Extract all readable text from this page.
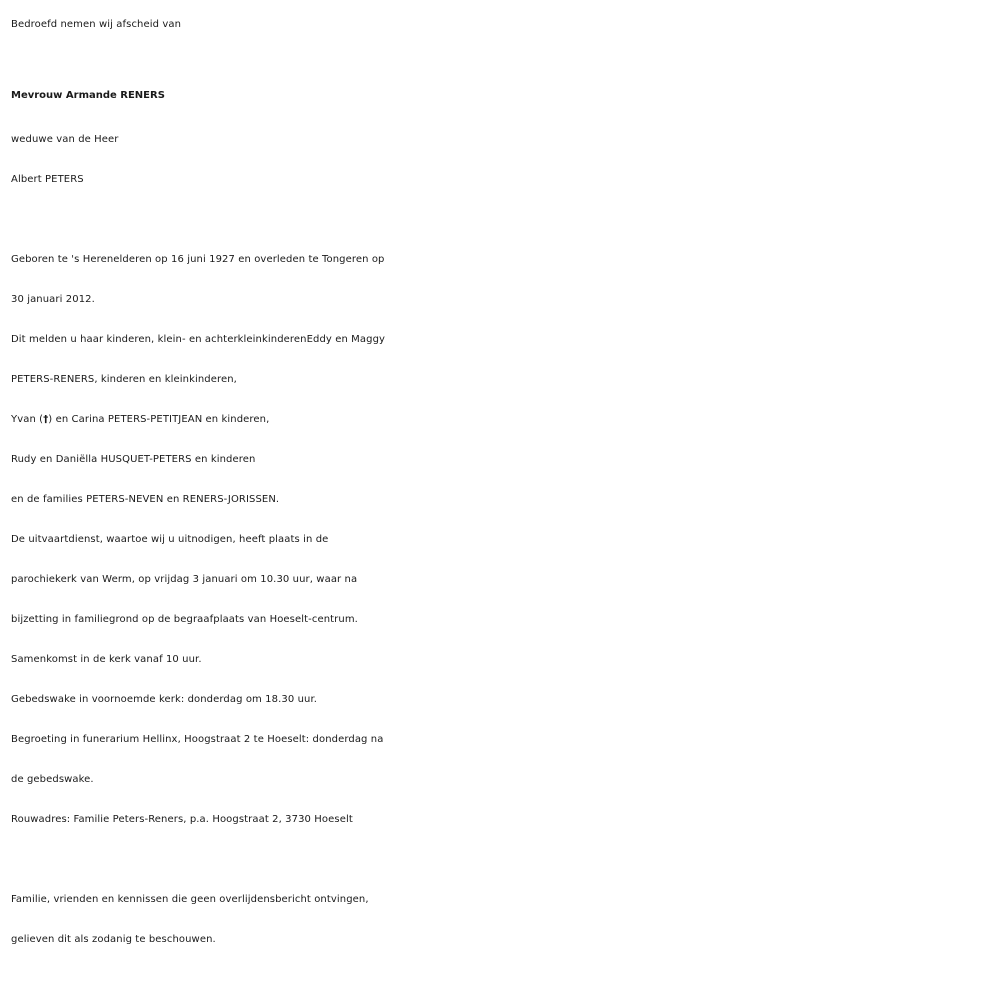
Bedroefd nemen wij afscheid van
Mevrouw Armande RENERS
weduwe van de Heer
Albert PETERS
Geboren te 's Herenelderen op 16 juni 1927 en overleden te Tongeren op
30 januari 2012.
Dit melden u haar kinderen, klein- en achterkleinkinderenEddy en Maggy
PETERS-RENERS, kinderen en kleinkinderen,
Yvan (†) en Carina PETERS-PETITJEAN en kinderen,
Rudy en Daniëlla HUSQUET-PETERS en kinderen
en de families PETERS-NEVEN en RENERS-JORISSEN.
De uitvaartdienst, waartoe wij u uitnodigen, heeft plaats in de
parochiekerk van Werm, op vrijdag 3 januari om 10.30 uur, waar na
bijzetting in familiegrond op de begraafplaats van Hoeselt-centrum.
Samenkomst in de kerk vanaf 10 uur.
Gebedswake in voornoemde kerk: donderdag om 18.30 uur.
Begroeting in funerarium Hellinx, Hoogstraat 2 te Hoeselt: donderdag na
de gebedswake.
Rouwadres: Familie Peters-Reners, p.a. Hoogstraat 2, 3730 Hoeselt
Familie, vrienden en kennissen die geen overlijdensbericht ontvingen,
gelieven dit als zodanig te beschouwen.
